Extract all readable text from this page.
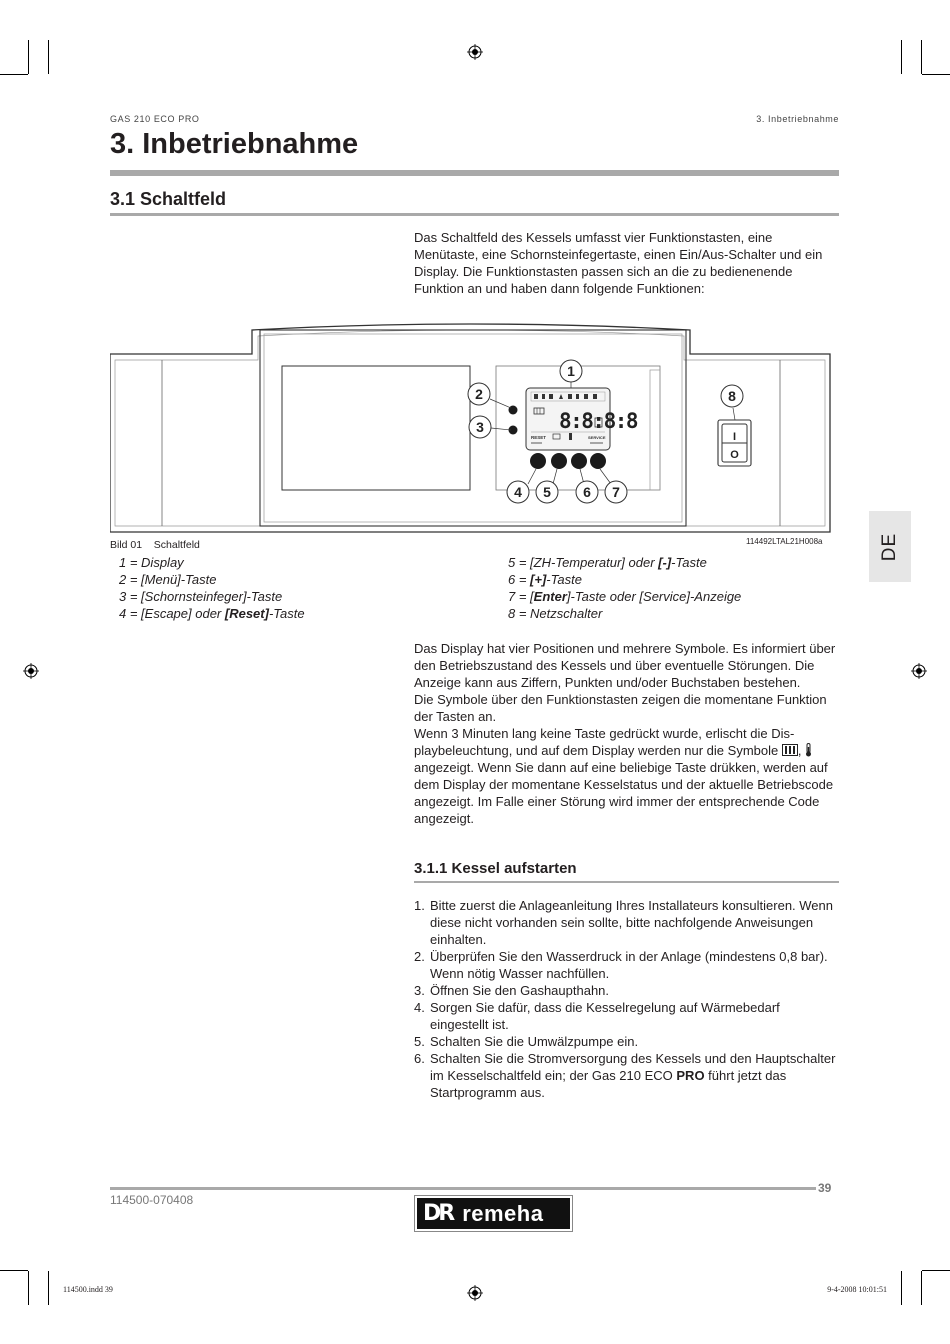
GAS 210 ECO PRO	3. Inbetriebnahme
3. Inbetriebnahme
3.1 Schaltfeld

Das Schaltfeld des Kessels umfasst vier Funktionstasten, eine Menütaste, eine Schornsteinfegertaste, einen Ein/Aus-Schalter und ein Display. Die Funktionstasten passen sich an die zu bedienenende Funktion an und haben dann folgende Funktionen:

8:8:8:8
RESET	SERVICE	I
O
1
2
3
4 5 6 7
8
Bild 01 Schaltfeld	114492LTAL21H008a
1 = Display
2 = [Menü]-Taste
3 = [Schornsteinfeger]-Taste
4 = [Escape] oder [Reset]-Taste
5 = [ZH-Temperatur] oder [-]-Taste
6 = [+]-Taste
7 = [Enter]-Taste oder [Service]-Anzeige
8 = Netzschalter
DE

Das Display hat vier Positionen und mehrere Symbole. Es informiert über den Betriebszustand des Kessels und über eventuelle Störungen. Die Anzeige kann aus Ziffern, Punkten und/oder Buchstaben bestehen.

Die Symbole über den Funktionstasten zeigen die momentane Funktion der Tasten an.

Wenn 3 Minuten lang keine Taste gedrückt wurde, erlischt die Displaybeleuchtung, und auf dem Display werden nur die Symbole ,  angezeigt. Wenn Sie dann auf eine beliebige Taste drükken, werden auf dem Display der momentane Kesselstatus und der aktuelle Betriebscode angezeigt. Im Falle einer Störung wird immer der entsprechende Code angezeigt.

3.1.1 Kessel aufstarten
1. Bitte zuerst die Anlageanleitung Ihres Installateurs konsultieren. Wenn diese nicht vorhanden sein sollte, bitte nachfolgende Anweisungen einhalten.
2. Überprüfen Sie den Wasserdruck in der Anlage (mindestens 0,8 bar). Wenn nötig Wasser nachfüllen.
3. Öffnen Sie den Gashaupthahn.
4. Sorgen Sie dafür, dass die Kesselregelung auf Wärmebedarf eingestellt ist.
5. Schalten Sie die Umwälzpumpe ein.
6. Schalten Sie die Stromversorgung des Kessels und den Hauptschalter im Kesselschaltfeld ein; der Gas 210 ECO PRO führt jetzt das Startprogramm aus.
39
114500-070408
DR remeha
114500.indd 39	9-4-2008 10:01:51
